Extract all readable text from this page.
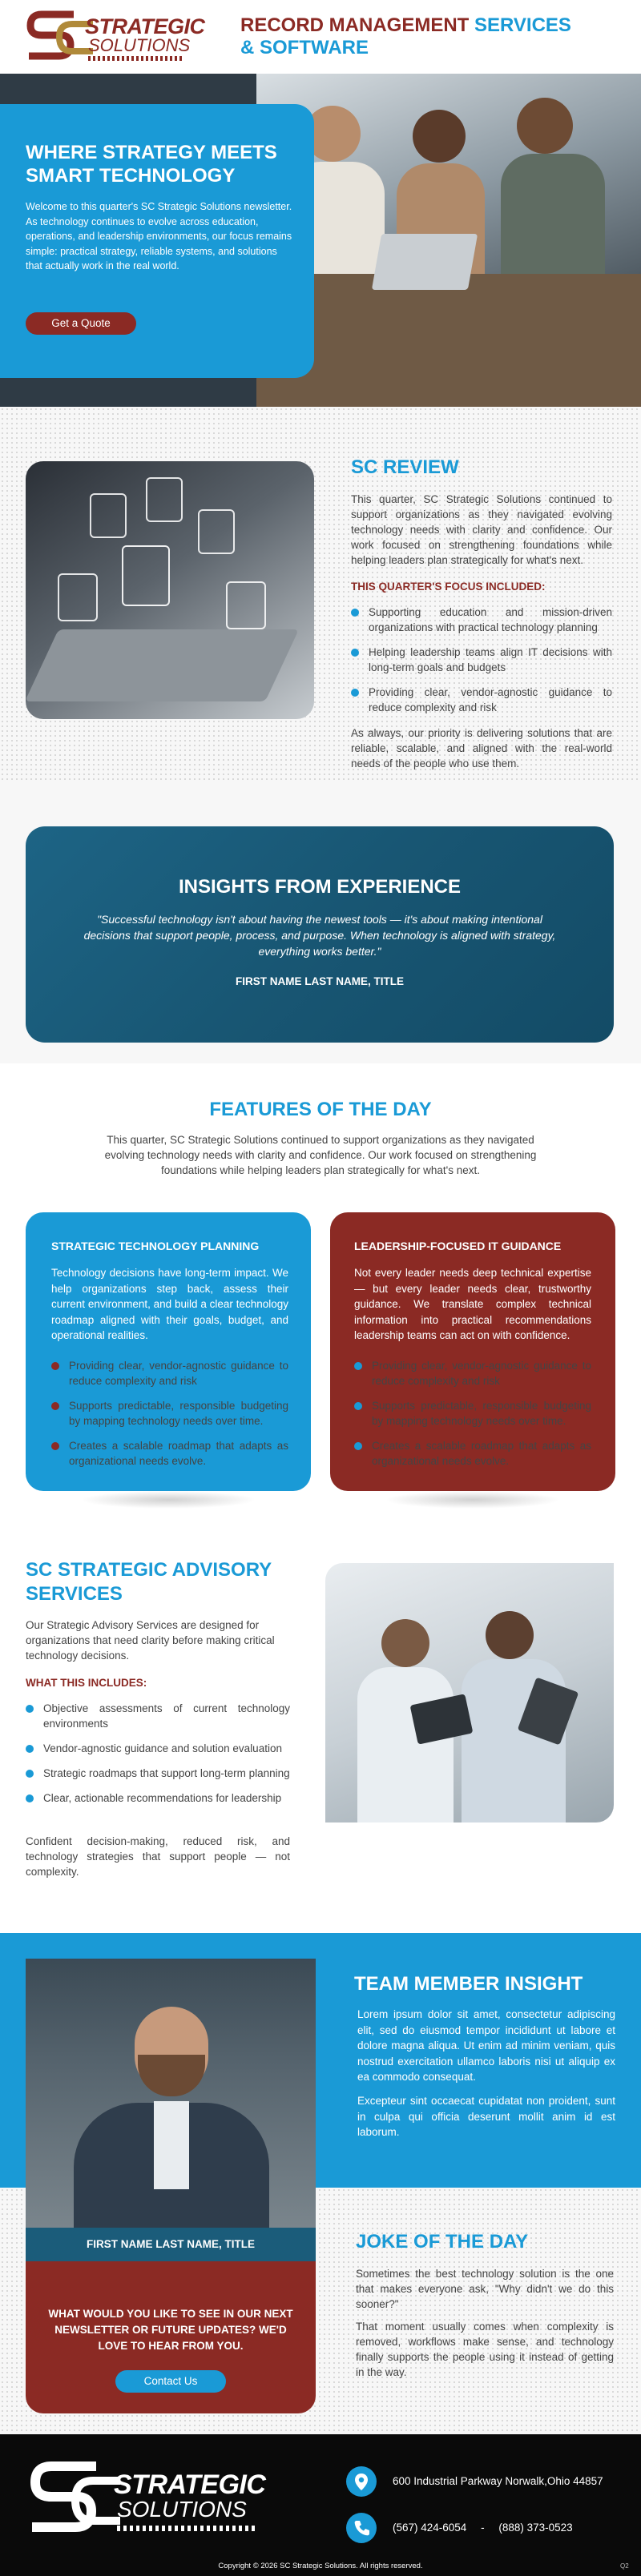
STRATEGIC
SOLUTIONS
RECORD MANAGEMENT SERVICES
& SOFTWARE
WHERE STRATEGY MEETS SMART TECHNOLOGY
Welcome to this quarter's SC Strategic Solutions newsletter. As technology continues to evolve across education, operations, and leadership environments, our focus remains simple: practical strategy, reliable systems, and solutions that actually work in the real world.
Get a Quote
SC REVIEW
This quarter, SC Strategic Solutions continued to support organizations as they navigated evolving technology needs with clarity and confidence. Our work focused on strengthening foundations while helping leaders plan strategically for what's next.
THIS QUARTER'S FOCUS INCLUDED:
Supporting education and mission-driven organizations with practical technology planning
Helping leadership teams align IT decisions with long-term goals and budgets
Providing clear, vendor-agnostic guidance to reduce complexity and risk
As always, our priority is delivering solutions that are reliable, scalable, and aligned with the real-world needs of the people who use them.
INSIGHTS FROM EXPERIENCE
"Successful technology isn't about having the newest tools — it's about making intentional decisions that support people, process, and purpose. When technology is aligned with strategy, everything works better."
FIRST NAME LAST NAME, TITLE
FEATURES OF THE DAY
This quarter, SC Strategic Solutions continued to support organizations as they navigated evolving technology needs with clarity and confidence. Our work focused on strengthening foundations while helping leaders plan strategically for what's next.
STRATEGIC TECHNOLOGY PLANNING
Technology decisions have long-term impact. We help organizations step back, assess their current environment, and build a clear technology roadmap aligned with their goals, budget, and operational realities.
Providing clear, vendor-agnostic guidance to reduce complexity and risk
Supports predictable, responsible budgeting by mapping technology needs over time.
Creates a scalable roadmap that adapts as organizational needs evolve.
LEADERSHIP-FOCUSED IT GUIDANCE
Not every leader needs deep technical expertise — but every leader needs clear, trustworthy guidance. We translate complex technical information into practical recommendations leadership teams can act on with confidence.
Providing clear, vendor-agnostic guidance to reduce complexity and risk
Supports predictable, responsible budgeting by mapping technology needs over time.
Creates a scalable roadmap that adapts as organizational needs evolve.
SC STRATEGIC ADVISORY SERVICES
Our Strategic Advisory Services are designed for organizations that need clarity before making critical technology decisions.
WHAT THIS INCLUDES:
Objective assessments of current technology environments
Vendor-agnostic guidance and solution evaluation
Strategic roadmaps that support long-term planning
Clear, actionable recommendations for leadership
Confident decision-making, reduced risk, and technology strategies that support people — not complexity.
FIRST NAME LAST NAME, TITLE
WHAT WOULD YOU LIKE TO SEE IN OUR NEXT NEWSLETTER OR FUTURE UPDATES? WE'D LOVE TO HEAR FROM YOU.
Contact Us
TEAM MEMBER INSIGHT
Lorem ipsum dolor sit amet, consectetur adipiscing elit, sed do eiusmod tempor incididunt ut labore et dolore magna aliqua. Ut enim ad minim veniam, quis nostrud exercitation ullamco laboris nisi ut aliquip ex ea commodo consequat.
Excepteur sint occaecat cupidatat non proident, sunt in culpa qui officia deserunt mollit anim id est laborum.
JOKE OF THE DAY
Sometimes the best technology solution is the one that makes everyone ask, "Why didn't we do this sooner?"
That moment usually comes when complexity is removed, workflows make sense, and technology finally supports the people using it instead of getting in the way.
STRATEGIC
SOLUTIONS
600 Industrial Parkway Norwalk,Ohio 44857
(567) 424-6054 - (888) 373-0523
Copyright © 2026 SC Strategic Solutions. All rights reserved.	Q2
